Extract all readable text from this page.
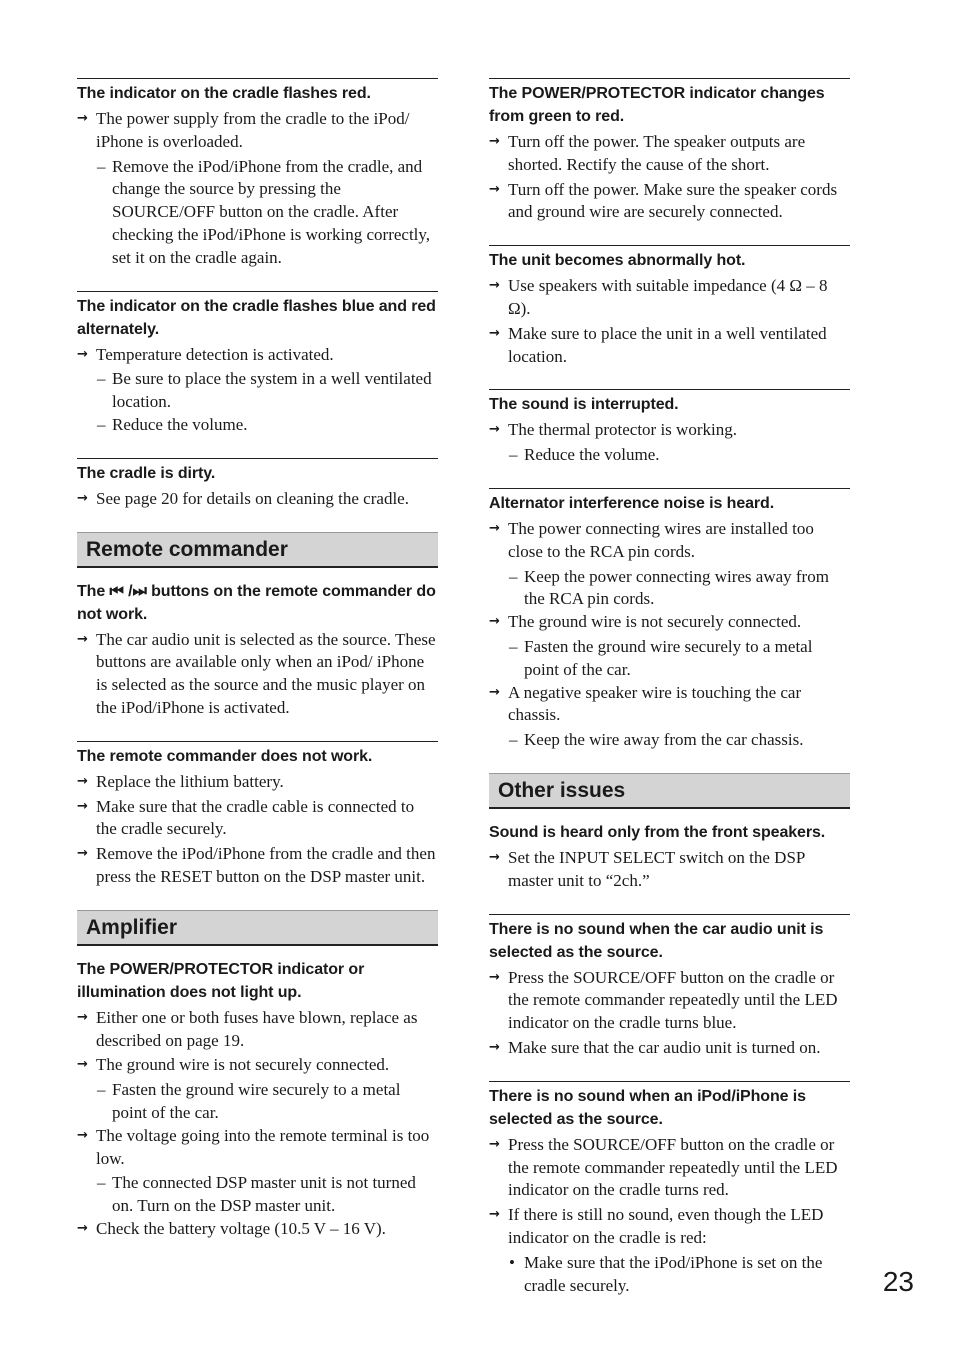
The indicator on the cradle flashes red.
→ The power supply from the cradle to the iPod/ iPhone is overloaded.
– Remove the iPod/iPhone from the cradle, and change the source by pressing the SOURCE/OFF button on the cradle. After checking the iPod/iPhone is working correctly, set it on the cradle again.
The indicator on the cradle flashes blue and red alternately.
→ Temperature detection is activated.
– Be sure to place the system in a well ventilated location.
– Reduce the volume.
The cradle is dirty.
→ See page 20 for details on cleaning the cradle.
Remote commander
The ⏮ /⏭ buttons on the remote commander do not work.
→ The car audio unit is selected as the source. These buttons are available only when an iPod/ iPhone is selected as the source and the music player on the iPod/iPhone is activated.
The remote commander does not work.
→ Replace the lithium battery.
→ Make sure that the cradle cable is connected to the cradle securely.
→ Remove the iPod/iPhone from the cradle and then press the RESET button on the DSP master unit.
Amplifier
The POWER/PROTECTOR indicator or illumination does not light up.
→ Either one or both fuses have blown, replace as described on page 19.
→ The ground wire is not securely connected.
– Fasten the ground wire securely to a metal point of the car.
→ The voltage going into the remote terminal is too low.
– The connected DSP master unit is not turned on. Turn on the DSP master unit.
→ Check the battery voltage (10.5 V – 16 V).
The POWER/PROTECTOR indicator changes from green to red.
→ Turn off the power. The speaker outputs are shorted. Rectify the cause of the short.
→ Turn off the power. Make sure the speaker cords and ground wire are securely connected.
The unit becomes abnormally hot.
→ Use speakers with suitable impedance (4 Ω – 8 Ω).
→ Make sure to place the unit in a well ventilated location.
The sound is interrupted.
→ The thermal protector is working.
– Reduce the volume.
Alternator interference noise is heard.
→ The power connecting wires are installed too close to the RCA pin cords.
– Keep the power connecting wires away from the RCA pin cords.
→ The ground wire is not securely connected.
– Fasten the ground wire securely to a metal point of the car.
→ A negative speaker wire is touching the car chassis.
– Keep the wire away from the car chassis.
Other issues
Sound is heard only from the front speakers.
→ Set the INPUT SELECT switch on the DSP master unit to “2ch.”
There is no sound when the car audio unit is selected as the source.
→ Press the SOURCE/OFF button on the cradle or the remote commander repeatedly until the LED indicator on the cradle turns blue.
→ Make sure that the car audio unit is turned on.
There is no sound when an iPod/iPhone is selected as the source.
→ Press the SOURCE/OFF button on the cradle or the remote commander repeatedly until the LED indicator on the cradle turns red.
→ If there is still no sound, even though the LED indicator on the cradle is red:
• Make sure that the iPod/iPhone is set on the cradle securely.	23
